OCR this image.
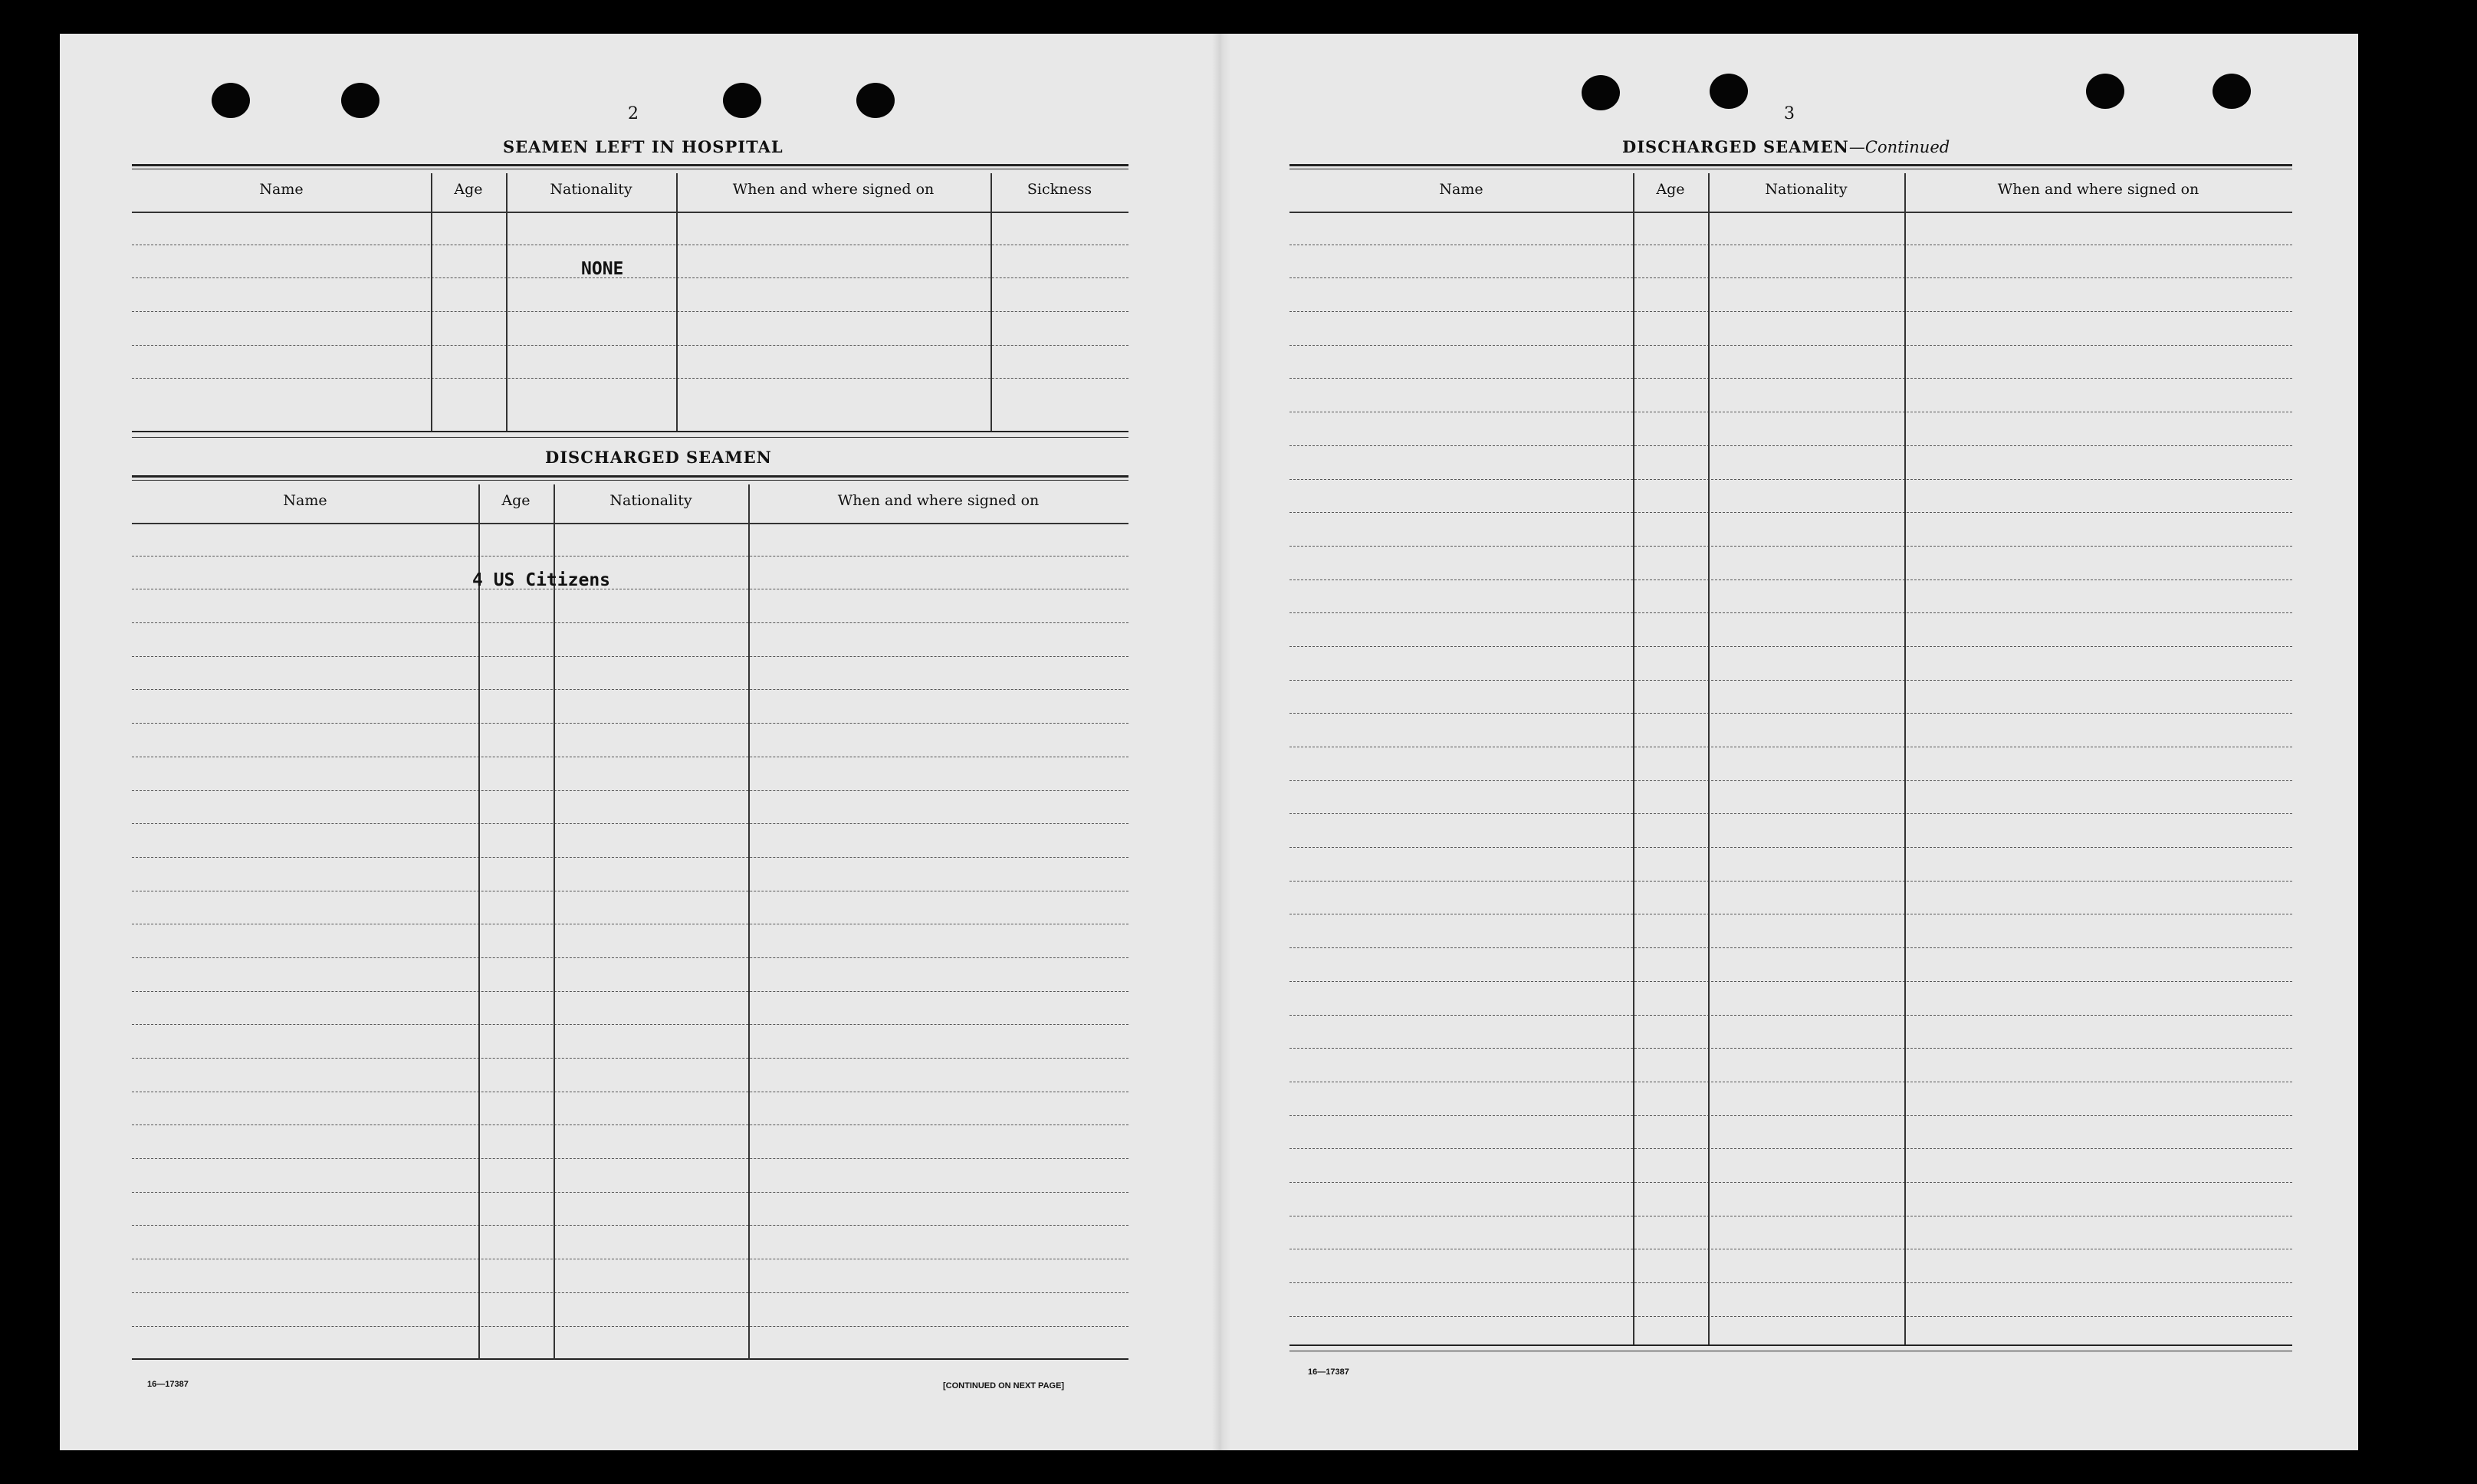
2
SEAMEN LEFT IN HOSPITAL
Name	Age	Nationality	When and where signed on	Sickness
NONE
DISCHARGED SEAMEN
Name	Age	Nationality	When and where signed on
4 US Citizens
16—17387	[CONTINUED ON NEXT PAGE]
3
DISCHARGED SEAMEN—Continued
Name	Age	Nationality	When and where signed on
16—17387
